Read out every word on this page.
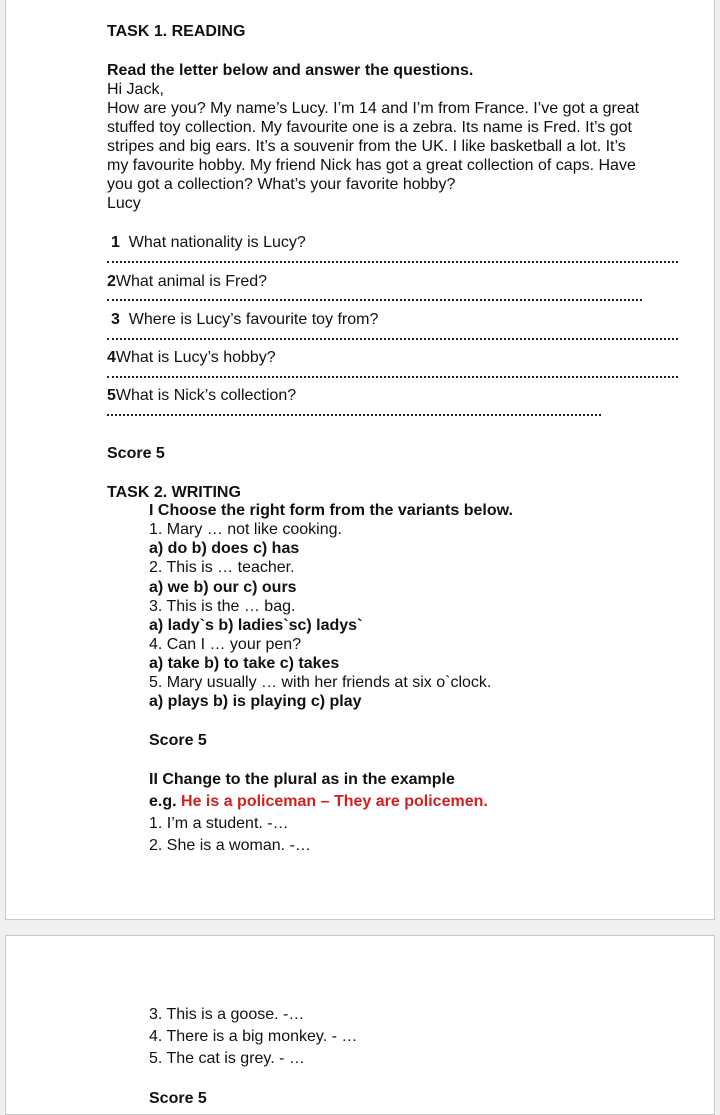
TASK 1. READING
Read the letter below and answer the questions.
Hi Jack,
How are you? My name’s Lucy. I’m 14 and I’m from France. I’ve got a great
stuffed toy collection. My favourite one is a zebra. Its name is Fred. It’s got
stripes and big ears. It’s a souvenir from the UK. I like basketball a lot. It’s
my favourite hobby. My friend Nick has got a great collection of caps. Have
you got a collection? What’s your favorite hobby?
Lucy
1 What nationality is Lucy?
2What animal is Fred?
3 Where is Lucy’s favourite toy from?
4What is Lucy’s hobby?
5What is Nick’s collection?
Score 5
TASK 2. WRITING
I Choose the right form from the variants below.
1. Mary … not like cooking.
a) do b) does c) has
2. This is … teacher.
a) we b) our c) ours
3. This is the … bag.
a) lady`s b) ladies`sc) ladys`
4. Can I … your pen?
a) take b) to take c) takes
5. Mary usually … with her friends at six o`clock.
a) plays b) is playing c) play
Score 5
II Change to the plural as in the example
e.g. He is a policeman – They are policemen.
1. I’m a student. -…
2. She is a woman. -…
3. This is a goose. -…
4. There is a big monkey. - …
5. The cat is grey. - …
Score 5
